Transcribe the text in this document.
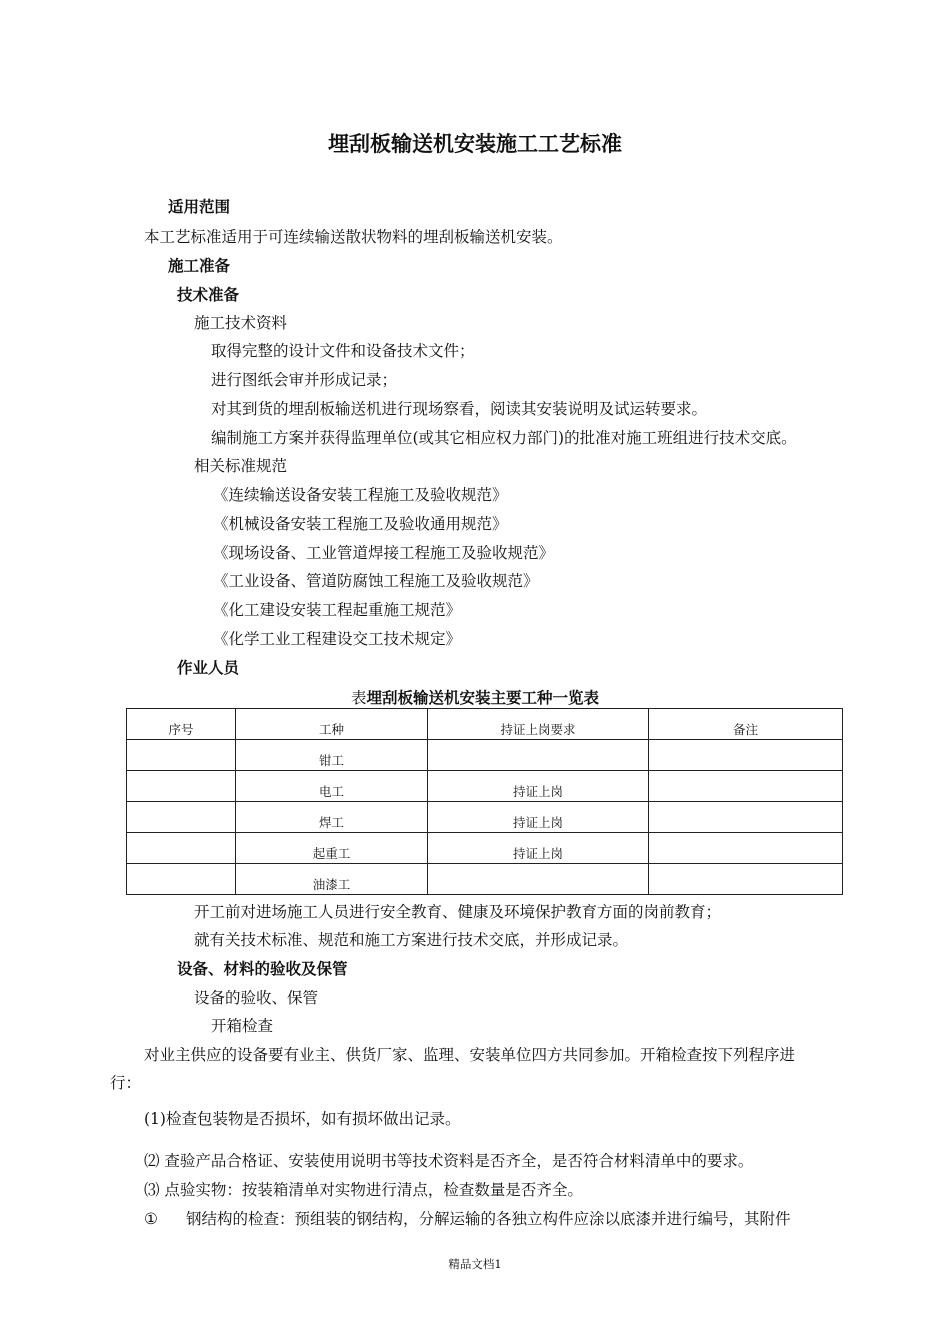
埋刮板输送机安装施工工艺标准
适用范围
本工艺标准适用于可连续输送散状物料的埋刮板输送机安装。
施工准备
技术准备
施工技术资料
取得完整的设计文件和设备技术文件；
进行图纸会审并形成记录；
对其到货的埋刮板输送机进行现场察看，阅读其安装说明及试运转要求。
编制施工方案并获得监理单位(或其它相应权力部门)的批准对施工班组进行技术交底。
相关标准规范
《连续输送设备安装工程施工及验收规范》
《机械设备安装工程施工及验收通用规范》
《现场设备、工业管道焊接工程施工及验收规范》
《工业设备、管道防腐蚀工程施工及验收规范》
《化工建设安装工程起重施工规范》
《化学工业工程建设交工技术规定》
作业人员
表埋刮板输送机安装主要工种一览表
序号	工种	持证上岗要求	备注
	钳工		
	电工	持证上岗	
	焊工	持证上岗	
	起重工	持证上岗	
	油漆工		
开工前对进场施工人员进行安全教育、健康及环境保护教育方面的岗前教育；
就有关技术标准、规范和施工方案进行技术交底，并形成记录。
设备、材料的验收及保管
设备的验收、保管
开箱检查
对业主供应的设备要有业主、供货厂家、监理、安装单位四方共同参加。开箱检查按下列程序进
行：
(1)检查包装物是否损坏，如有损坏做出记录。
⑵ 查验产品合格证、安装使用说明书等技术资料是否齐全，是否符合材料清单中的要求。
⑶ 点验实物：按装箱清单对实物进行清点，检查数量是否齐全。
① 钢结构的检查：预组装的钢结构，分解运输的各独立构件应涂以底漆并进行编号，其附件
精品文档1
